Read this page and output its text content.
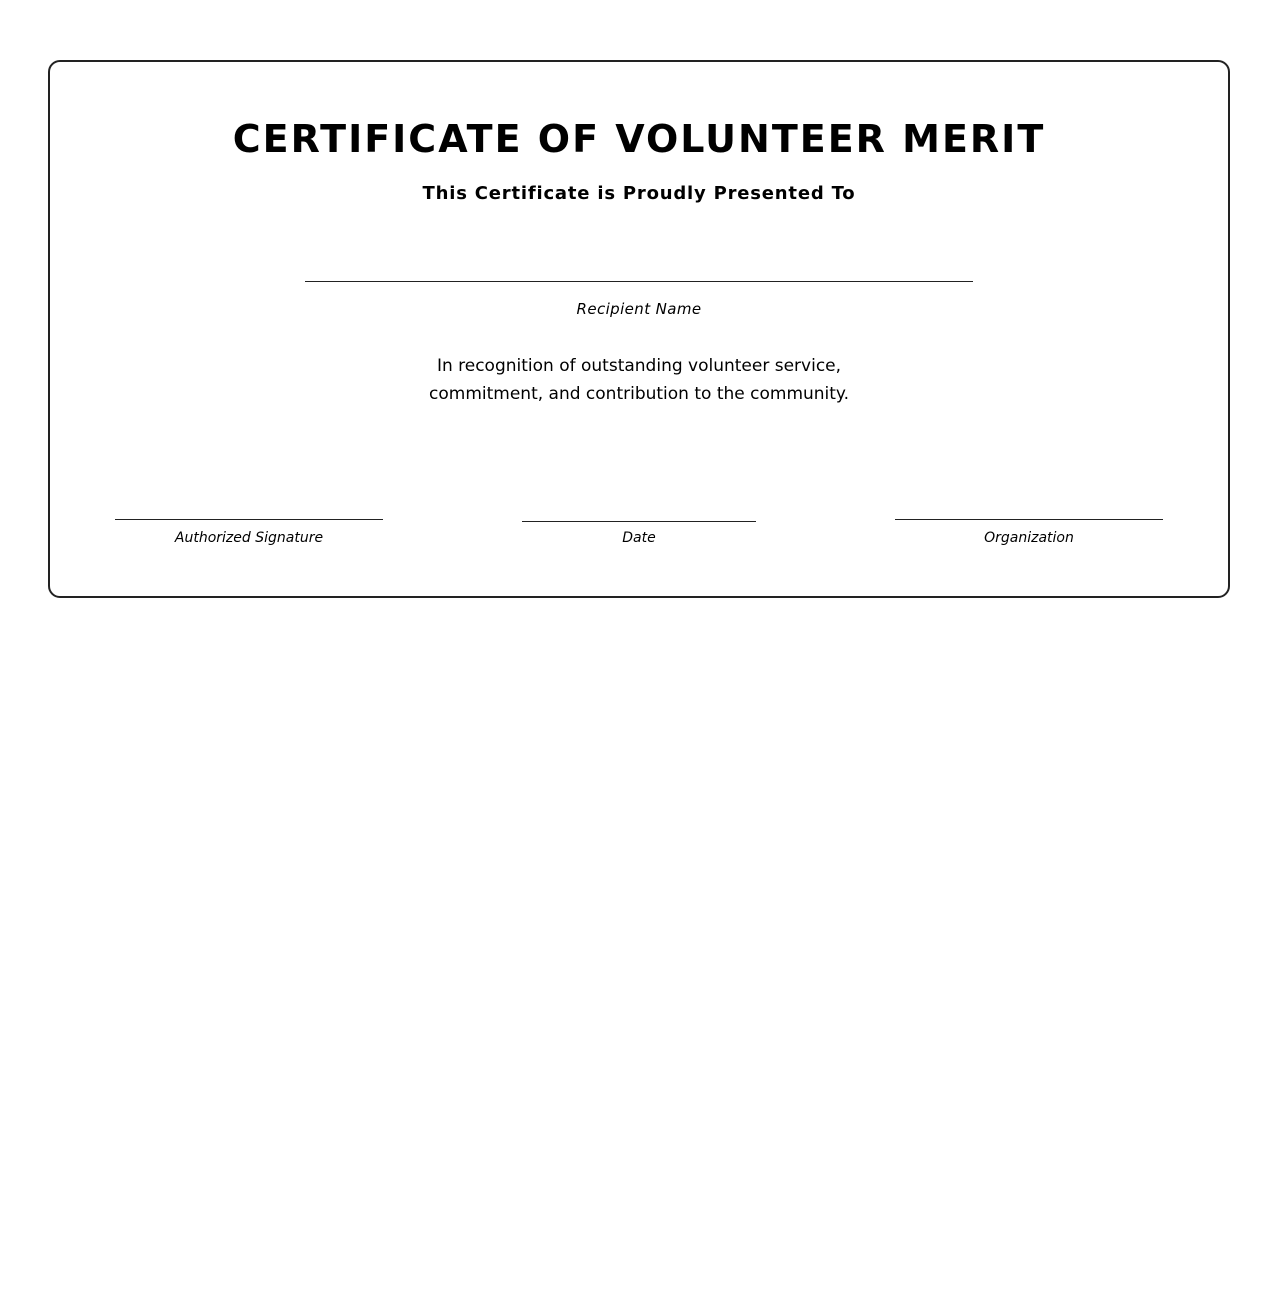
CERTIFICATE OF VOLUNTEER MERIT
This Certificate is Proudly Presented To
Recipient Name
In recognition of outstanding volunteer service,
commitment, and contribution to the community.
Authorized Signature	Date	Organization
